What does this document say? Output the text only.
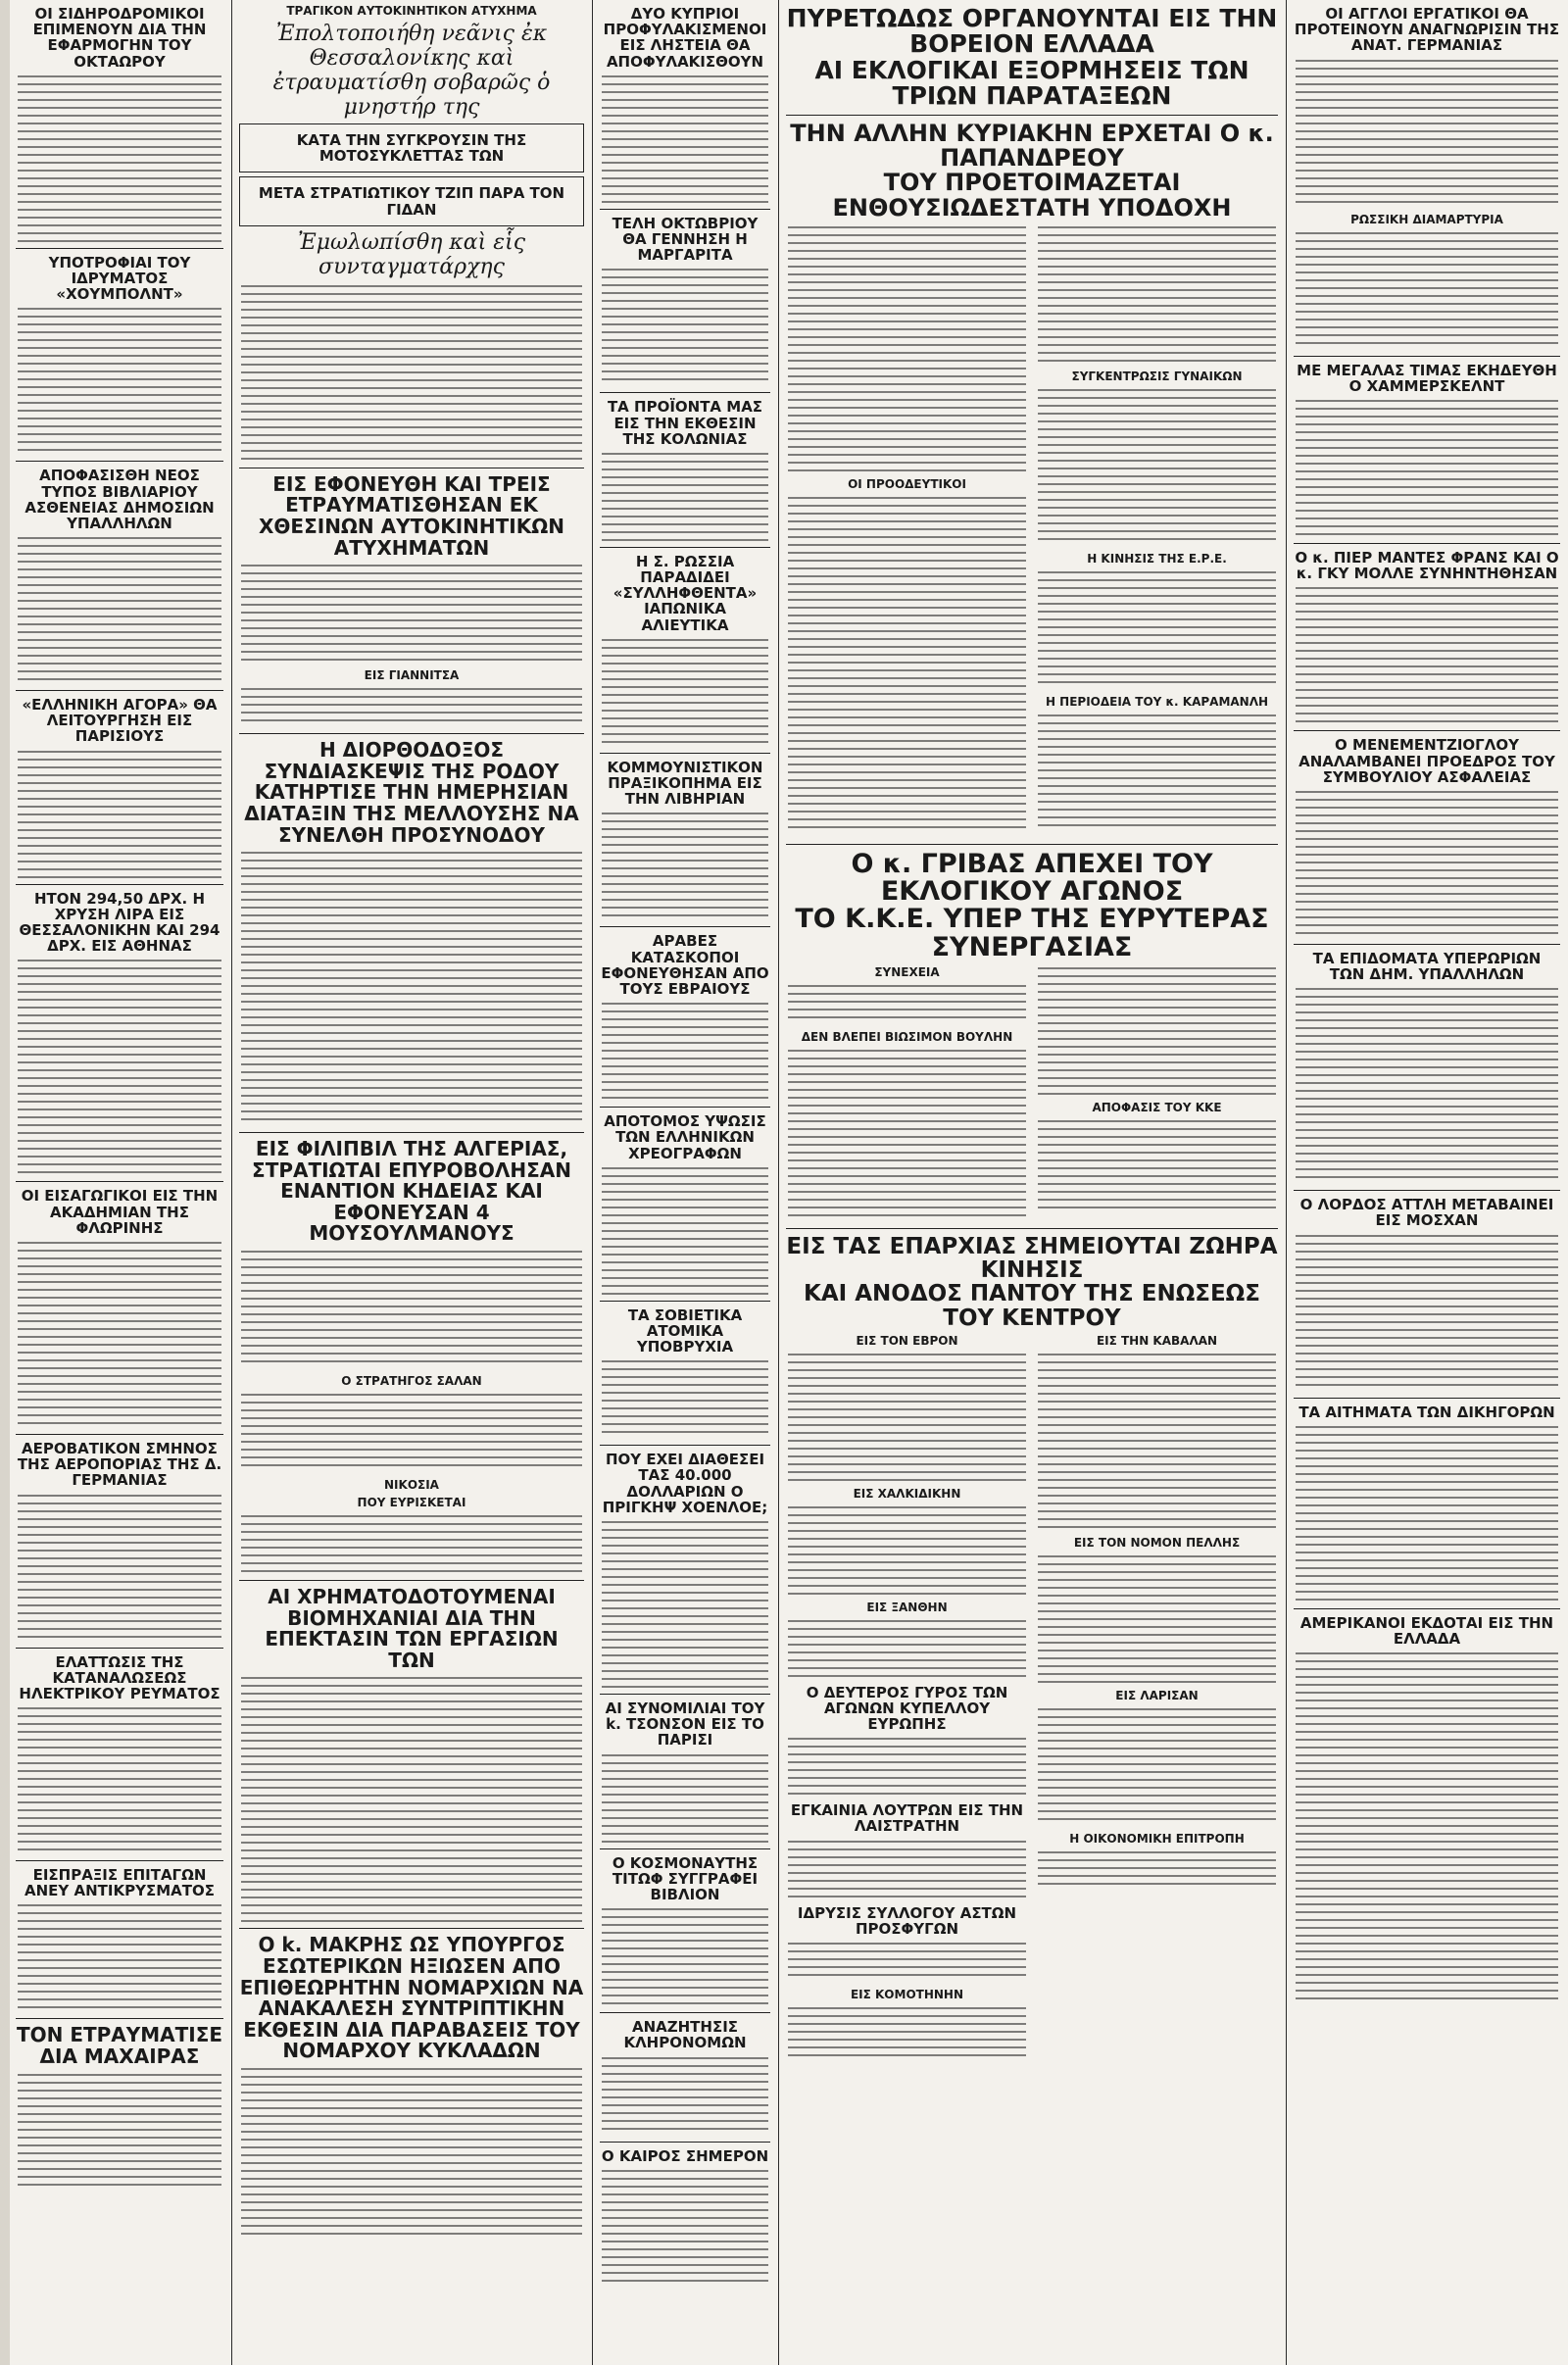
ΟΙ ΣΙΔΗΡΟΔΡΟΜΙΚΟΙ ΕΠΙΜΕΝΟΥΝ ΔΙΑ ΤΗΝ ΕΦΑΡΜΟΓΗΝ ΤΟΥ ΟΚΤΑΩΡΟΥ
ΥΠΟΤΡΟΦΙΑΙ ΤΟΥ ΙΔΡΥΜΑΤΟΣ «ΧΟΥΜΠΟΛΝΤ»
ΑΠΟΦΑΣΙΣΘΗ ΝΕΟΣ ΤΥΠΟΣ ΒΙΒΛΙΑΡΙΟΥ ΑΣΘΕΝΕΙΑΣ ΔΗΜΟΣΙΩΝ ΥΠΑΛΛΗΛΩΝ
«ΕΛΛΗΝΙΚΗ ΑΓΟΡΑ» ΘΑ ΛΕΙΤΟΥΡΓΗΣΗ ΕΙΣ ΠΑΡΙΣΙΟΥΣ
ΗΤΟΝ 294,50 ΔΡΧ. Η ΧΡΥΣΗ ΛΙΡΑ ΕΙΣ ΘΕΣΣΑΛΟΝΙΚΗΝ ΚΑΙ 294 ΔΡΧ. ΕΙΣ ΑΘΗΝΑΣ
ΟΙ ΕΙΣΑΓΩΓΙΚΟΙ ΕΙΣ ΤΗΝ ΑΚΑΔΗΜΙΑΝ ΤΗΣ ΦΛΩΡΙΝΗΣ
ΑΕΡΟΒΑΤΙΚΟΝ ΣΜΗΝΟΣ ΤΗΣ ΑΕΡΟΠΟΡΙΑΣ ΤΗΣ Δ. ΓΕΡΜΑΝΙΑΣ
ΕΛΑΤΤΩΣΙΣ ΤΗΣ ΚΑΤΑΝΑΛΩΣΕΩΣ ΗΛΕΚΤΡΙΚΟΥ ΡΕΥΜΑΤΟΣ
ΕΙΣΠΡΑΞΙΣ ΕΠΙΤΑΓΩΝ ΑΝΕΥ ΑΝΤΙΚΡΥΣΜΑΤΟΣ
ΤΟΝ ΕΤΡΑΥΜΑΤΙΣΕ ΔΙΑ ΜΑΧΑΙΡΑΣ
ΤΡΑΓΙΚΟΝ ΑΥΤΟΚΙΝΗΤΙΚΟΝ ΑΤΥΧΗΜΑ
Ἐπολτοποιήθη νεᾶνις ἐκ Θεσσαλονίκης καὶ ἐτραυματίσθη σοβαρῶς ὁ μνηστήρ της
ΚΑΤΑ ΤΗΝ ΣΥΓΚΡΟΥΣΙΝ ΤΗΣ ΜΟΤΟΣΥΚΛΕΤΤΑΣ ΤΩΝ
ΜΕΤΑ ΣΤΡΑΤΙΩΤΙΚΟΥ ΤΖΙΠ ΠΑΡΑ ΤΟΝ ΓΙΔΑΝ
Ἐμωλωπίσθη καὶ εἷς συνταγματάρχης
ΕΙΣ ΕΦΟΝΕΥΘΗ ΚΑΙ ΤΡΕΙΣ ΕΤΡΑΥΜΑΤΙΣΘΗΣΑΝ ΕΚ ΧΘΕΣΙΝΩΝ ΑΥΤΟΚΙΝΗΤΙΚΩΝ ΑΤΥΧΗΜΑΤΩΝ
ΕΙΣ ΓΙΑΝΝΙΤΣΑ
Η ΔΙΟΡΘΟΔΟΞΟΣ ΣΥΝΔΙΑΣΚΕΨΙΣ ΤΗΣ ΡΟΔΟΥ ΚΑΤΗΡΤΙΣΕ ΤΗΝ ΗΜΕΡΗΣΙΑΝ ΔΙΑΤΑΞΙΝ ΤΗΣ ΜΕΛΛΟΥΣΗΣ ΝΑ ΣΥΝΕΛΘΗ ΠΡΟΣΥΝΟΔΟΥ
ΕΙΣ ΦΙΛΙΠΒΙΛ ΤΗΣ ΑΛΓΕΡΙΑΣ, ΣΤΡΑΤΙΩΤΑΙ ΕΠΥΡΟΒΟΛΗΣΑΝ ΕΝΑΝΤΙΟΝ ΚΗΔΕΙΑΣ ΚΑΙ ΕΦΟΝΕΥΣΑΝ 4 ΜΟΥΣΟΥΛΜΑΝΟΥΣ
Ο ΣΤΡΑΤΗΓΟΣ ΣΑΛΑΝ
ΝΙΚΟΣΙΑ
ΠΟΥ ΕΥΡΙΣΚΕΤΑΙ
ΑΙ ΧΡΗΜΑΤΟΔΟΤΟΥΜΕΝΑΙ ΒΙΟΜΗΧΑΝΙΑΙ ΔΙΑ ΤΗΝ ΕΠΕΚΤΑΣΙΝ ΤΩΝ ΕΡΓΑΣΙΩΝ ΤΩΝ
Ο k. ΜΑΚΡΗΣ ΩΣ ΥΠΟΥΡΓΟΣ ΕΣΩΤΕΡΙΚΩΝ ΗΞΙΩΣΕΝ ΑΠΟ ΕΠΙΘΕΩΡΗΤΗΝ ΝΟΜΑΡΧΙΩΝ ΝΑ ΑΝΑΚΑΛΕΣΗ ΣΥΝΤΡΙΠΤΙΚΗΝ ΕΚΘΕΣΙΝ ΔΙΑ ΠΑΡΑΒΑΣΕΙΣ ΤΟΥ ΝΟΜΑΡΧΟΥ ΚΥΚΛΑΔΩΝ
ΔΥΟ ΚΥΠΡΙΟΙ ΠΡΟΦΥΛΑΚΙΣΜΕΝΟΙ ΕΙΣ ΛΗΣΤΕΙΑ ΘΑ ΑΠΟΦΥΛΑΚΙΣΘΟΥΝ
ΤΕΛΗ ΟΚΤΩΒΡΙΟΥ ΘΑ ΓΕΝΝΗΣΗ Η ΜΑΡΓΑΡΙΤΑ
ΤΑ ΠΡΟΪΟΝΤΑ ΜΑΣ ΕΙΣ ΤΗΝ ΕΚΘΕΣΙΝ ΤΗΣ ΚΟΛΩΝΙΑΣ
Η Σ. ΡΩΣΣΙΑ ΠΑΡΑΔΙΔΕΙ «ΣΥΛΛΗΦΘΕΝΤΑ» ΙΑΠΩΝΙΚΑ ΑΛΙΕΥΤΙΚΑ
ΚΟΜΜΟΥΝΙΣΤΙΚΟΝ ΠΡΑΞΙΚΟΠΗΜΑ ΕΙΣ ΤΗΝ ΛΙΒΗΡΙΑΝ
ΑΡΑΒΕΣ ΚΑΤΑΣΚΟΠΟΙ ΕΦΟΝΕΥΘΗΣΑΝ ΑΠΟ ΤΟΥΣ ΕΒΡΑΙΟΥΣ
ΑΠΟΤΟΜΟΣ ΥΨΩΣΙΣ ΤΩΝ ΕΛΛΗΝΙΚΩΝ ΧΡΕΟΓΡΑΦΩΝ
ΤΑ ΣΟΒΙΕΤΙΚΑ ΑΤΟΜΙΚΑ ΥΠΟΒΡΥΧΙΑ
ΠΟΥ ΕΧΕΙ ΔΙΑΘΕΣΕΙ ΤΑΣ 40.000 ΔΟΛΛΑΡΙΩΝ Ο ΠΡΙΓΚΗΨ ΧΟΕΝΛΟΕ;
ΑΙ ΣΥΝΟΜΙΛΙΑΙ ΤΟΥ k. ΤΣΟΝΣΟΝ ΕΙΣ ΤΟ ΠΑΡΙΣΙ
Ο ΚΟΣΜΟΝΑΥΤΗΣ ΤΙΤΩΦ ΣΥΓΓΡΑΦΕΙ ΒΙΒΛΙΟΝ
ΑΝΑΖΗΤΗΣΙΣ ΚΛΗΡΟΝΟΜΩΝ
Ο ΚΑΙΡΟΣ ΣΗΜΕΡΟΝ
ΠΥΡΕΤΩΔΩΣ ΟΡΓΑΝΟΥΝΤΑΙ ΕΙΣ ΤΗΝ ΒΟΡΕΙΟΝ ΕΛΛΑΔΑ
ΑΙ ΕΚΛΟΓΙΚΑΙ ΕΞΟΡΜΗΣΕΙΣ ΤΩΝ ΤΡΙΩΝ ΠΑΡΑΤΑΞΕΩΝ
ΤΗΝ ΑΛΛΗΝ ΚΥΡΙΑΚΗΝ ΕΡΧΕΤΑΙ Ο κ. ΠΑΠΑΝΔΡΕΟΥ
ΤΟΥ ΠΡΟΕΤΟΙΜΑΖΕΤΑΙ ΕΝΘΟΥΣΙΩΔΕΣΤΑΤΗ ΥΠΟΔΟΧΗ
ΟΙ ΠΡΟΟΔΕΥΤΙΚΟΙ
ΣΥΓΚΕΝΤΡΩΣΙΣ ΓΥΝΑΙΚΩΝ
Η ΚΙΝΗΣΙΣ ΤΗΣ Ε.Ρ.Ε.
Η ΠΕΡΙΟΔΕΙΑ ΤΟΥ κ. ΚΑΡΑΜΑΝΛΗ
Ο κ. ΓΡΙΒΑΣ ΑΠΕΧΕΙ ΤΟΥ ΕΚΛΟΓΙΚΟΥ ΑΓΩΝΟΣ
ΤΟ Κ.Κ.Ε. ΥΠΕΡ ΤΗΣ ΕΥΡΥΤΕΡΑΣ ΣΥΝΕΡΓΑΣΙΑΣ
ΣΥΝΕΧΕΙΑ
ΔΕΝ ΒΛΕΠΕΙ ΒΙΩΣΙΜΟΝ ΒΟΥΛΗΝ
ΑΠΟΦΑΣΙΣ ΤΟΥ ΚΚΕ
ΕΙΣ ΤΑΣ ΕΠΑΡΧΙΑΣ ΣΗΜΕΙΟΥΤΑΙ ΖΩΗΡΑ ΚΙΝΗΣΙΣ
ΚΑΙ ΑΝΟΔΟΣ ΠΑΝΤΟΥ ΤΗΣ ΕΝΩΣΕΩΣ ΤΟΥ ΚΕΝΤΡΟΥ
ΕΙΣ ΤΟΝ ΕΒΡΟΝ
ΕΙΣ ΧΑΛΚΙΔΙΚΗΝ
ΕΙΣ ΞΑΝΘΗΝ
Ο ΔΕΥΤΕΡΟΣ ΓΥΡΟΣ ΤΩΝ ΑΓΩΝΩΝ ΚΥΠΕΛΛΟΥ ΕΥΡΩΠΗΣ
ΕΓΚΑΙΝΙΑ ΛΟΥΤΡΩΝ ΕΙΣ ΤΗΝ ΛΑΙΣΤΡΑΤΗΝ
ΙΔΡΥΣΙΣ ΣΥΛΛΟΓΟΥ ΑΣΤΩΝ ΠΡΟΣΦΥΓΩΝ
ΕΙΣ ΚΟΜΟΤΗΝΗΝ
ΕΙΣ ΤΗΝ ΚΑΒΑΛΑΝ
ΕΙΣ ΤΟΝ ΝΟΜΟΝ ΠΕΛΛΗΣ
ΕΙΣ ΛΑΡΙΣΑΝ
Η ΟΙΚΟΝΟΜΙΚΗ ΕΠΙΤΡΟΠΗ
ΟΙ ΑΓΓΛΟΙ ΕΡΓΑΤΙΚΟΙ ΘΑ ΠΡΟΤΕΙΝΟΥΝ ΑΝΑΓΝΩΡΙΣΙΝ ΤΗΣ ΑΝΑΤ. ΓΕΡΜΑΝΙΑΣ
ΡΩΣΣΙΚΗ ΔΙΑΜΑΡΤΥΡΙΑ
ΜΕ ΜΕΓΑΛΑΣ ΤΙΜΑΣ ΕΚΗΔΕΥΘΗ Ο ΧΑΜΜΕΡΣΚΕΛΝΤ
Ο κ. ΠΙΕΡ ΜΑΝΤΕΣ ΦΡΑΝΣ ΚΑΙ Ο κ. ΓΚΥ ΜΟΛΛΕ ΣΥΝΗΝΤΗΘΗΣΑΝ
Ο ΜΕΝΕΜΕΝΤΖΙΟΓΛΟΥ ΑΝΑΛΑΜΒΑΝΕΙ ΠΡΟΕΔΡΟΣ ΤΟΥ ΣΥΜΒΟΥΛΙΟΥ ΑΣΦΑΛΕΙΑΣ
ΤΑ ΕΠΙΔΟΜΑΤΑ ΥΠΕΡΩΡΙΩΝ ΤΩΝ ΔΗΜ. ΥΠΑΛΛΗΛΩΝ
Ο ΛΟΡΔΟΣ ΑΤΤΛΗ ΜΕΤΑΒΑΙΝΕΙ ΕΙΣ ΜΟΣΧΑΝ
ΤΑ ΑΙΤΗΜΑΤΑ ΤΩΝ ΔΙΚΗΓΟΡΩΝ
ΑΜΕΡΙΚΑΝΟΙ ΕΚΔΟΤΑΙ ΕΙΣ ΤΗΝ ΕΛΛΑΔΑ
